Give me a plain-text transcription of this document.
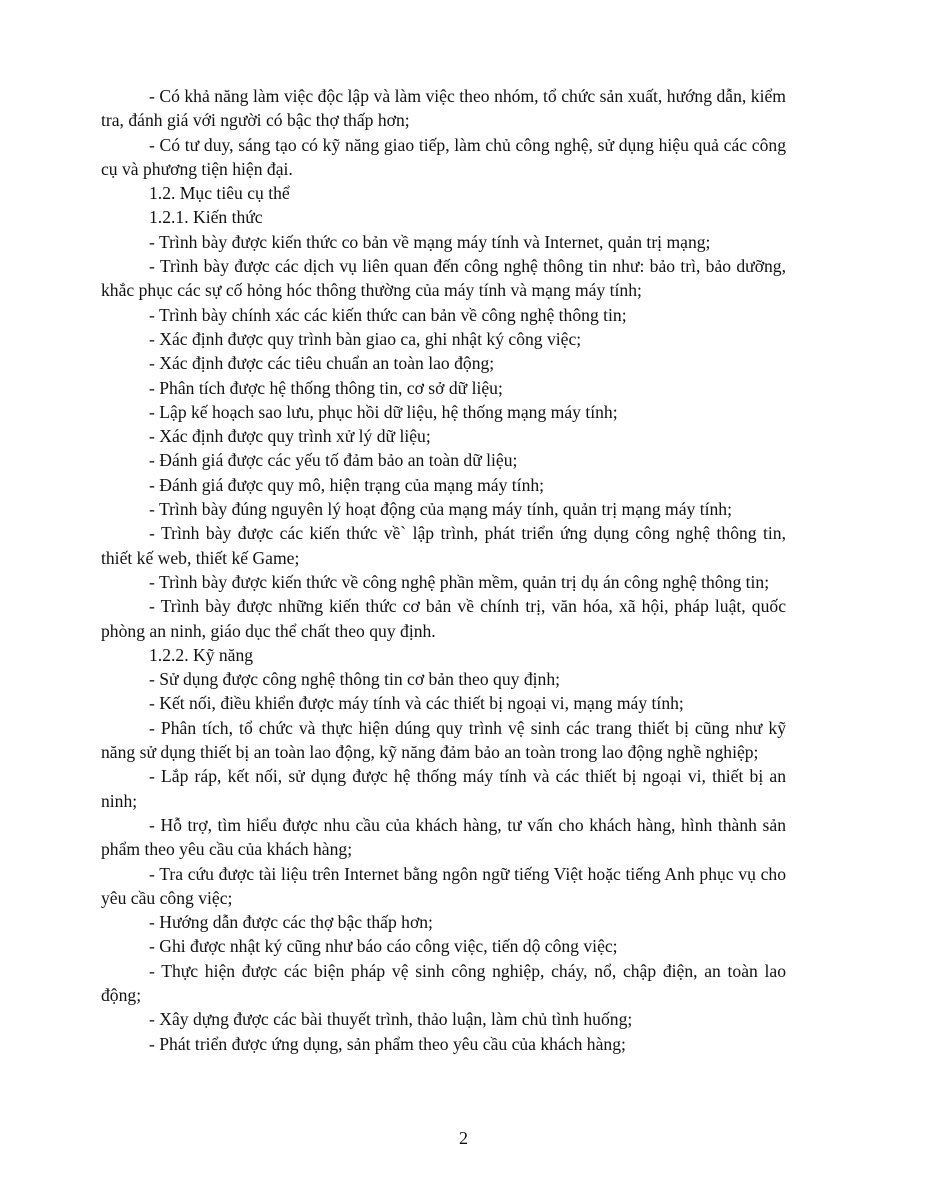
- Có khả năng làm việc độc lập và làm việc theo nhóm, tổ chức sản xuất, hướng dẫn, kiểm tra, đánh giá với người có bậc thợ thấp hơn;

- Có tư duy, sáng tạo có kỹ năng giao tiếp, làm chủ công nghệ, sử dụng hiệu quả các công cụ và phương tiện hiện đại.

1.2. Mục tiêu cụ thể

1.2.1. Kiến thức

- Trình bày được kiến thức co bản về mạng máy tính và Internet, quản trị mạng;

- Trình bày được các dịch vụ liên quan đến công nghệ thông tin như: bảo trì, bảo dưỡng, khắc phục các sự cố hỏng hóc thông thường của máy tính và mạng máy tính;

- Trình bày chính xác các kiến thức can bản về công nghệ thông tin;

- Xác định được quy trình bàn giao ca, ghi nhật ký công việc;

- Xác định được các tiêu chuẩn an toàn lao động;

- Phân tích được hệ thống thông tin, cơ sở dữ liệu;

- Lập kế hoạch sao lưu, phục hồi dữ liệu, hệ thống mạng máy tính;

- Xác định được quy trình xử lý dữ liệu;

- Đánh giá được các yếu tố đảm bảo an toàn dữ liệu;

- Đánh giá được quy mô, hiện trạng của mạng máy tính;

- Trình bày đúng nguyên lý hoạt động của mạng máy tính, quản trị mạng máy tính;

- Trình bày được các kiến thức về` lập trình, phát triển ứng dụng công nghệ thông tin, thiết kế web, thiết kế Game;

- Trình bày được kiến thức về công nghệ phần mềm, quản trị dụ án công nghệ thông tin;

- Trình bày được những kiến thức cơ bản về chính trị, văn hóa, xã hội, pháp luật, quốc phòng an ninh, giáo dục thể chất theo quy định.

1.2.2. Kỹ năng

- Sử dụng được công nghệ thông tin cơ bản theo quy định;

- Kết nối, điều khiển được máy tính và các thiết bị ngoại vi, mạng máy tính;

- Phân tích, tổ chức và thực hiện dúng quy trình vệ sinh các trang thiết bị cũng như kỹ năng sử dụng thiết bị an toàn lao động, kỹ năng đảm bảo an toàn trong lao động nghề nghiệp;

- Lắp ráp, kết nối, sử dụng được hệ thống máy tính và các thiết bị ngoại vi, thiết bị an ninh;

- Hỗ trợ, tìm hiểu được nhu cầu của khách hàng, tư vấn cho khách hàng, hình thành sản phẩm theo yêu cầu của khách hàng;

- Tra cứu được tài liệu trên Internet bằng ngôn ngữ tiếng Việt hoặc tiếng Anh phục vụ cho yêu cầu công việc;

- Hướng dẫn được các thợ bậc thấp hơn;

- Ghi được nhật ký cũng như báo cáo công việc, tiến dộ công việc;

- Thực hiện được các biện pháp vệ sinh công nghiệp, cháy, nổ, chập điện, an toàn lao động;

- Xây dựng được các bài thuyết trình, thảo luận, làm chủ tình huống;

- Phát triển được ứng dụng, sản phẩm theo yêu cầu của khách hàng;

2
